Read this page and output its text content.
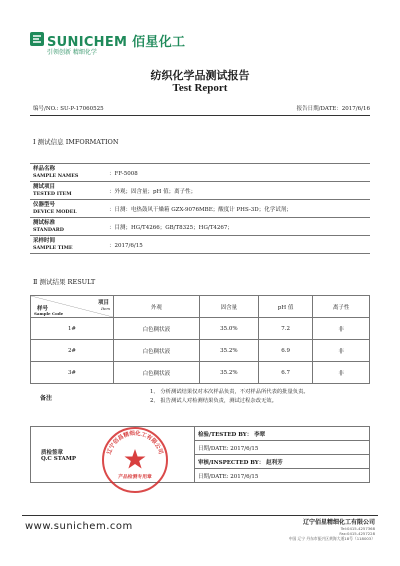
SUNICHEM 佰星化工
引领创新 精细化学
纺织化学品测试报告
Test Report
编号/NO.: SU-P-17060525	报告日期/DATE：2017/6/16
Ⅰ 测试信息 IMFORMATION
样品名称
SAMPLE NAMES	：FF-5008

测试项目
TESTED ITEM	：外观；固含量；pH 值；离子性；

仪器型号
DEVICE MODEL	：日测：电热鼓风干燥箱 GZX-9076MBE；酸度计 PHS-3D；化学试剂；

测试标准
STANDARD	：目测；HG/T4266；GB/T8325；HG/T4267；

采样时间
SAMPLE TIME	：2017/6/15
Ⅱ 测试结果 RESULT
项目
Item
样号
Sample Code	外观	固含量	pH 值	离子性
1#	白色稠状液	35.0%	7.2	非
2#	白色稠状液	35.2%	6.9	非
3#	白色稠状液	35.2%	6.7	非
备注
1、 分析测试结果仅对本次样品负责，不对样品所代表的批量负责。
2、 报告测试人对检测结果负责，测试过程杂改无效。
质检签章
Q.C STAMP
	检验/TESTED BY： 李翠
日期/DATE: 2017/6/15
审核/INSPECTED BY： 赵利芳
日期/DATE: 2017/6/15
辽宁佰昌精细化工有限公司
产品检测专用章
www.sunichem.com	辽宁佰星精细化工有限公司
Tel:0415-4257368
Fax:0415-4257228
中国 辽宁 丹东市振兴区黄海大道18号（118003）
